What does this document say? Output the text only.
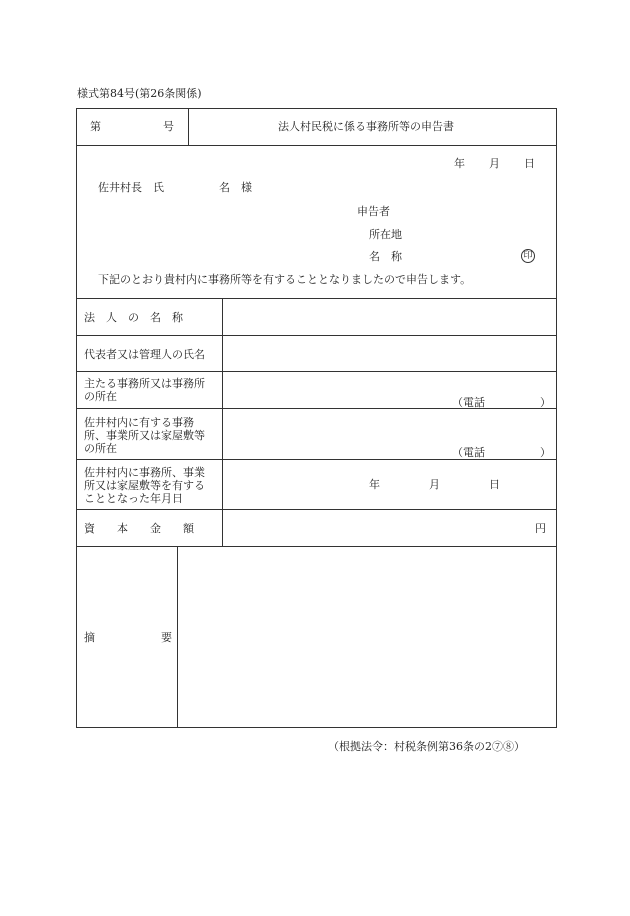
様式第84号(第26条関係)
第	号	法人村民税に係る事務所等の申告書
年 月 日
佐井村長　氏	名　様
申告者
所在地
名　称	印
下記のとおり貴村内に事務所等を有することとなりましたので申告します。
法　人　の　名　称
代表者又は管理人の氏名
主たる事務所又は事務所
の所在	（電話　　　　　）
佐井村内に有する事務
所、事業所又は家屋敷等
の所在	（電話　　　　　）
佐井村内に事務所、事業
所又は家屋敷等を有する
こととなった年月日
年	月	日
資　　本　　金　　額	円
摘	要
（根拠法令：村税条例第36条の2⑦⑧）
